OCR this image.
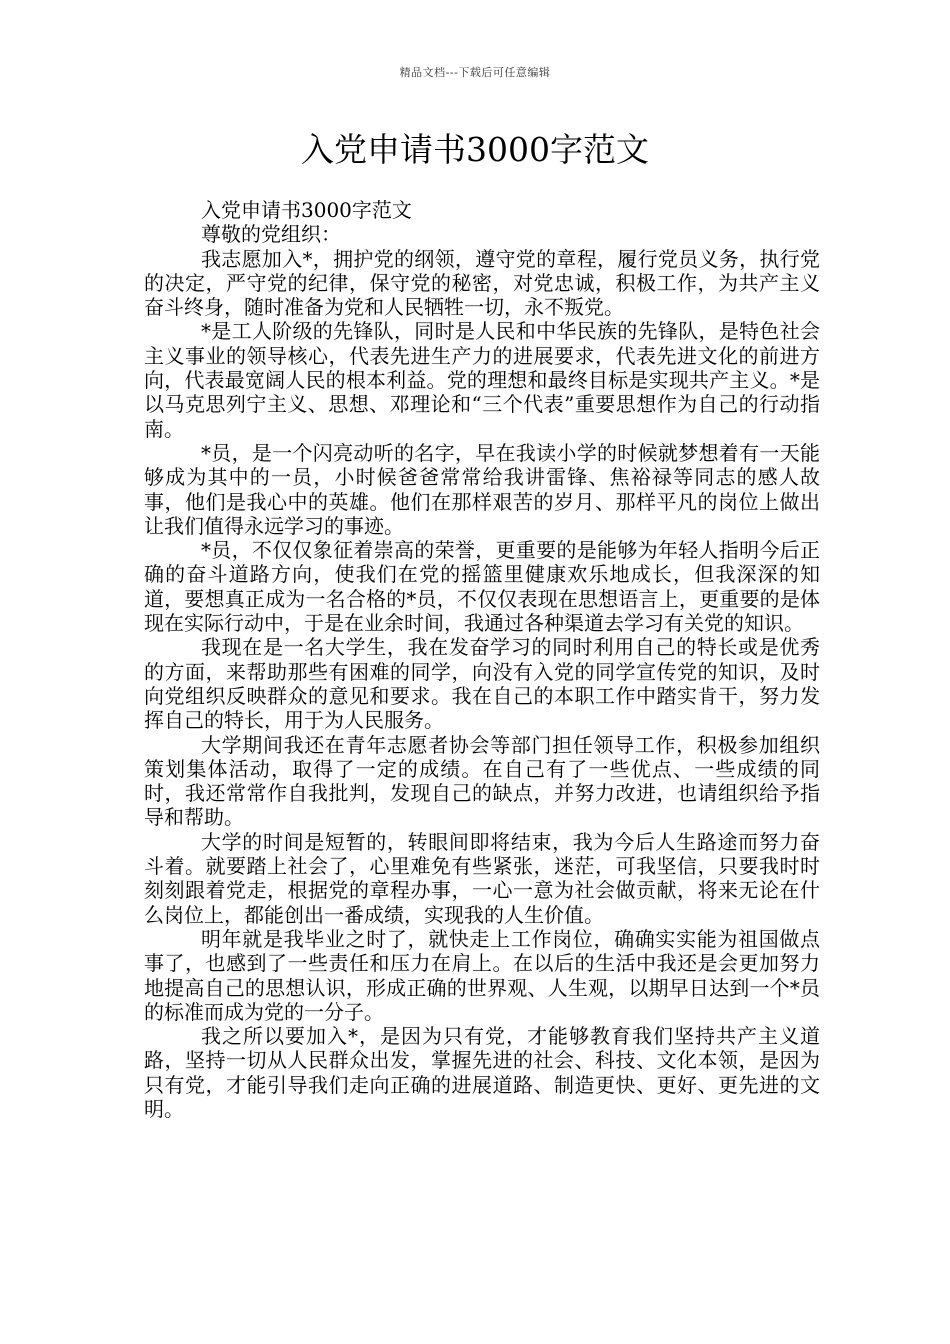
精品文档---下载后可任意编辑
入党申请书3000字范文

入党申请书3000字范文

尊敬的党组织：

我志愿加入*，拥护党的纲领，遵守党的章程，履行党员义务，执行党的决定，严守党的纪律，保守党的秘密，对党忠诚，积极工作，为共产主义奋斗终身，随时准备为党和人民牺牲一切，永不叛党。

*是工人阶级的先锋队，同时是人民和中华民族的先锋队，是特色社会主义事业的领导核心，代表先进生产力的进展要求，代表先进文化的前进方向，代表最宽阔人民的根本利益。党的理想和最终目标是实现共产主义。*是以马克思列宁主义、思想、邓理论和“三个代表”重要思想作为自己的行动指南。

*员，是一个闪亮动听的名字，早在我读小学的时候就梦想着有一天能够成为其中的一员，小时候爸爸常常给我讲雷锋、焦裕禄等同志的感人故事，他们是我心中的英雄。他们在那样艰苦的岁月、那样平凡的岗位上做出让我们值得永远学习的事迹。

*员，不仅仅象征着崇高的荣誉，更重要的是能够为年轻人指明今后正确的奋斗道路方向，使我们在党的摇篮里健康欢乐地成长，但我深深的知道，要想真正成为一名合格的*员，不仅仅表现在思想语言上，更重要的是体现在实际行动中，于是在业余时间，我通过各种渠道去学习有关党的知识。

我现在是一名大学生，我在发奋学习的同时利用自己的特长或是优秀的方面，来帮助那些有困难的同学，向没有入党的同学宣传党的知识，及时向党组织反映群众的意见和要求。我在自己的本职工作中踏实肯干，努力发挥自己的特长，用于为人民服务。

大学期间我还在青年志愿者协会等部门担任领导工作，积极参加组织策划集体活动，取得了一定的成绩。在自己有了一些优点、一些成绩的同时，我还常常作自我批判，发现自己的缺点，并努力改进，也请组织给予指导和帮助。

大学的时间是短暂的，转眼间即将结束，我为今后人生路途而努力奋斗着。就要踏上社会了，心里难免有些紧张，迷茫，可我坚信，只要我时时刻刻跟着党走，根据党的章程办事，一心一意为社会做贡献，将来无论在什么岗位上，都能创出一番成绩，实现我的人生价值。

明年就是我毕业之时了，就快走上工作岗位，确确实实能为祖国做点事了，也感到了一些责任和压力在肩上。在以后的生活中我还是会更加努力地提高自己的思想认识，形成正确的世界观、人生观，以期早日达到一个*员的标准而成为党的一分子。

我之所以要加入*，是因为只有党，才能够教育我们坚持共产主义道路，坚持一切从人民群众出发，掌握先进的社会、科技、文化本领，是因为只有党，才能引导我们走向正确的进展道路、制造更快、更好、更先进的文明。
